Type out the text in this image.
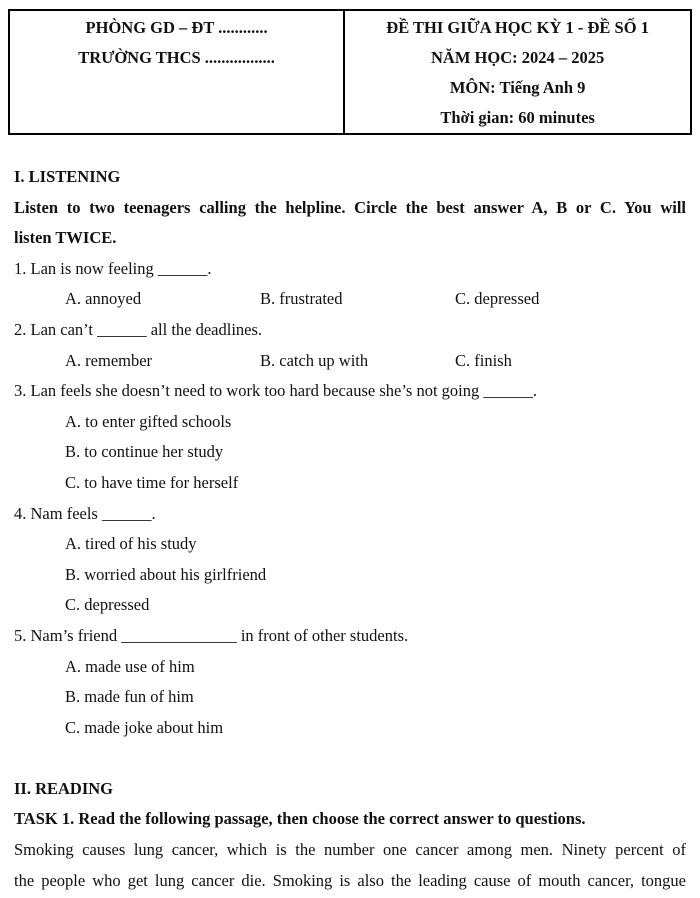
PHÒNG GD – ĐT ............
TRƯỜNG THCS .................
ĐỀ THI GIỮA HỌC KỲ 1 - ĐỀ SỐ 1
NĂM HỌC: 2024 – 2025
MÔN: Tiếng Anh 9
Thời gian: 60 minutes
I. LISTENING
Listen to two teenagers calling the helpline. Circle the best answer A, B or C. You will
listen TWICE.
1. Lan is now feeling ______.
A. annoyed	B. frustrated	C. depressed
2. Lan can’t ______ all the deadlines.
A. remember	B. catch up with	C. finish
3. Lan feels she doesn’t need to work too hard because she’s not going ______.
A. to enter gifted schools
B. to continue her study
C. to have time for herself
4. Nam feels ______.
A. tired of his study
B. worried about his girlfriend
C. depressed
5. Nam’s friend ______________ in front of other students.
A. made use of him
B. made fun of him
C. made joke about him
II. READING
TASK 1. Read the following passage, then choose the correct answer to questions.
Smoking causes lung cancer, which is the number one cancer among men. Ninety percent of
the people who get lung cancer die. Smoking is also the leading cause of mouth cancer, tongue
